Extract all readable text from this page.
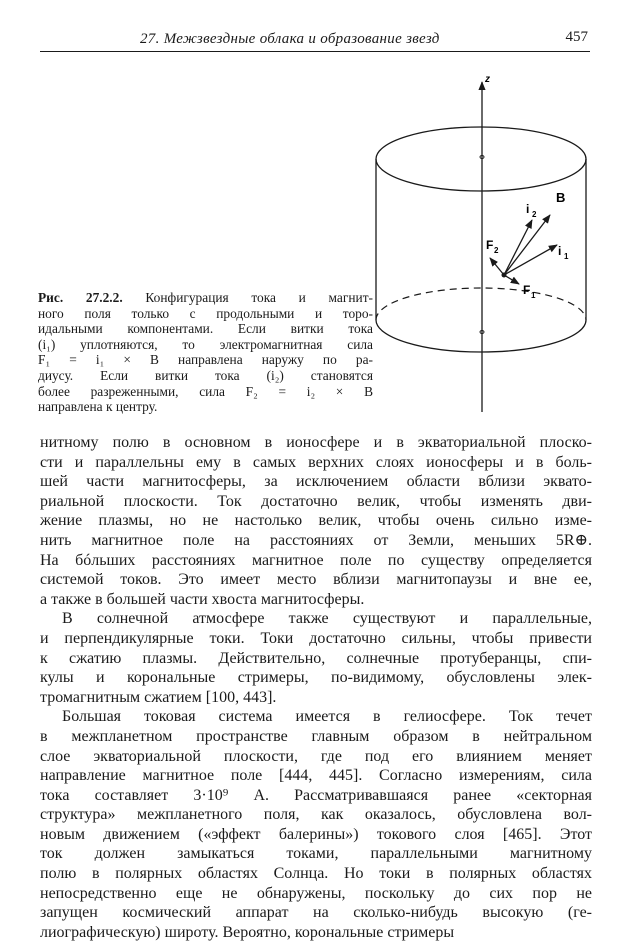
27. Межзвездные облака и образование звезд	457
z
B
i 2
i 1
F 2
F 1
Рис. 27.2.2. Конфигурация тока и магнит-
ного поля только с продольными и торо-
идальными компонентами. Если витки тока
(i₁) уплотняются, то электромагнитная сила
F₁ = i₁ × B направлена наружу по ра-
диусу. Если витки тока (i₂) становятся
более разреженными, сила F₂ = i₂ × B
направлена к центру.
нитному полю в основном в ионосфере и в экваториальной плоско-
сти и параллельны ему в самых верхних слоях ионосферы и в боль-
шей части магнитосферы, за исключением области вблизи эквато-
риальной плоскости. Ток достаточно велик, чтобы изменять дви-
жение плазмы, но не настолько велик, чтобы очень сильно изме-
нить магнитное поле на расстояниях от Земли, меньших 5R⊕.
На бóльших расстояниях магнитное поле по существу определяется
системой токов. Это имеет место вблизи магнитопаузы и вне ее,
а также в большей части хвоста магнитосферы.
В солнечной атмосфере также существуют и параллельные,
и перпендикулярные токи. Токи достаточно сильны, чтобы привести
к сжатию плазмы. Действительно, солнечные протуберанцы, спи-
кулы и корональные стримеры, по-видимому, обусловлены элек-
тромагнитным сжатием [100, 443].
Большая токовая система имеется в гелиосфере. Ток течет
в межпланетном пространстве главным образом в нейтральном
слое экваториальной плоскости, где под его влиянием меняет
направление магнитное поле [444, 445]. Согласно измерениям, сила
тока составляет 3·10⁹ А. Рассматривавшаяся ранее «секторная
структура» межпланетного поля, как оказалось, обусловлена вол-
новым движением («эффект балерины») токового слоя [465]. Этот
ток должен замыкаться токами, параллельными магнитному
полю в полярных областях Солнца. Но токи в полярных областях
непосредственно еще не обнаружены, поскольку до сих пор не
запущен космический аппарат на сколько-нибудь высокую (ге-
лиографическую) широту. Вероятно, корональные стримеры
